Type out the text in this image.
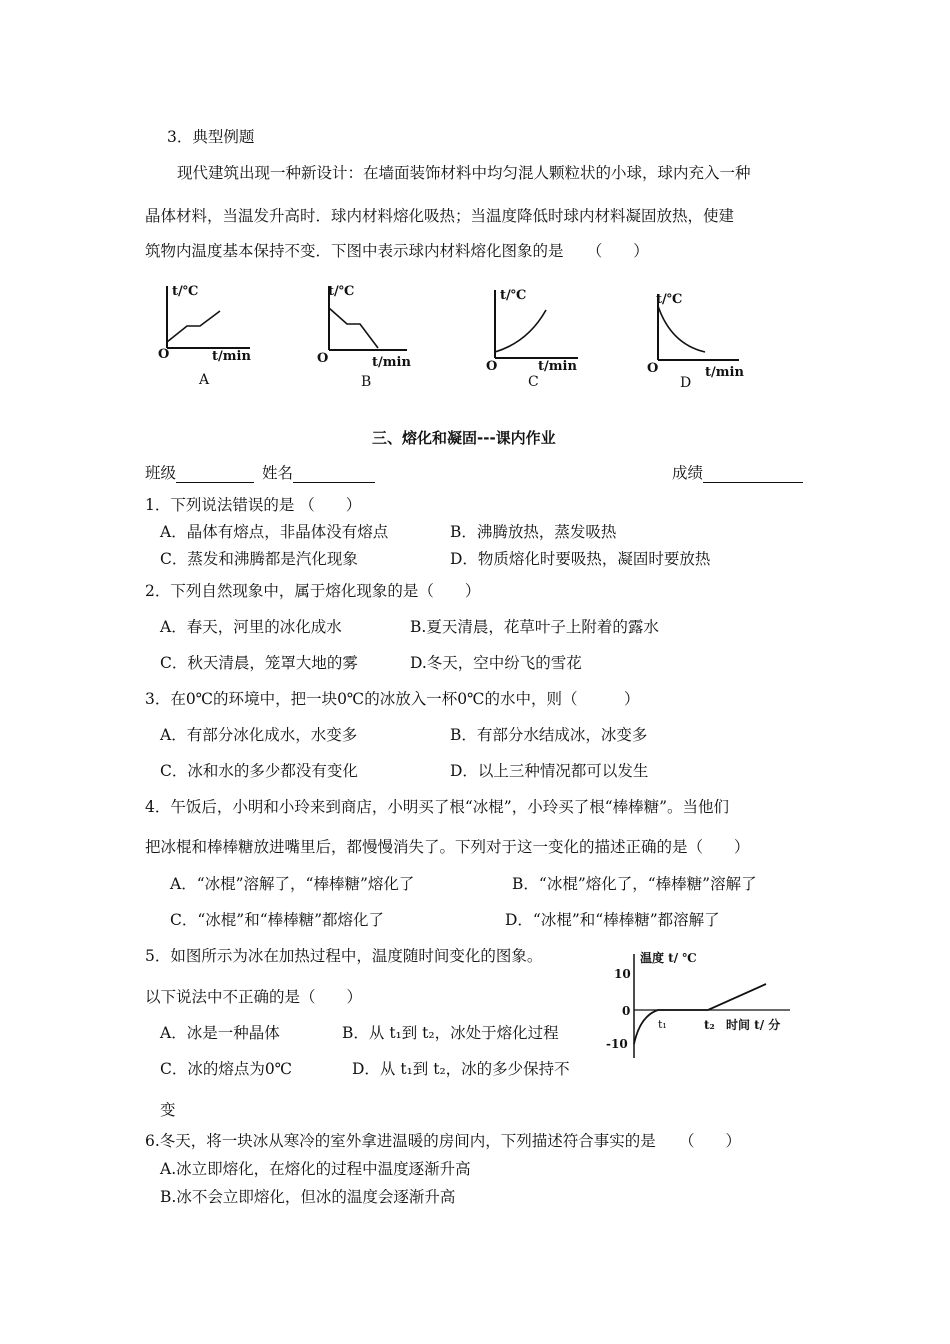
3．典型例题
现代建筑出现一种新设计：在墙面装饰材料中均匀混人颗粒状的小球，球内充入一种
晶体材料，当温发升高时．球内材料熔化吸热；当温度降低时球内材料凝固放热，使建
筑物内温度基本保持不变．下图中表示球内材料熔化图象的是　　（　　）
t/℃
O	t/min
A
t/℃
O	t/min
B
t/℃
O	t/min
C
t/℃
O	t/min
D
三、熔化和凝固---课内作业
班级	姓名	成绩
1．下列说法错误的是 （　　）
A．晶体有熔点，非晶体没有熔点	B．沸腾放热，蒸发吸热
C．蒸发和沸腾都是汽化现象	D．物质熔化时要吸热，凝固时要放热
2．下列自然现象中，属于熔化现象的是（　　）
A．春天，河里的冰化成水	B.夏天清晨，花草叶子上附着的露水
C．秋天清晨，笼罩大地的雾	D.冬天，空中纷飞的雪花
3．在0℃的环境中，把一块0℃的冰放入一杯0℃的水中，则（　　　）
A．有部分冰化成水，水变多	B．有部分水结成冰，冰变多
C．冰和水的多少都没有变化	D．以上三种情况都可以发生
4．午饭后，小明和小玲来到商店，小明买了根“冰棍”，小玲买了根“棒棒糖”。当他们
把冰棍和棒棒糖放进嘴里后，都慢慢消失了。下列对于这一变化的描述正确的是（　　）
A．“冰棍”溶解了，“棒棒糖”熔化了	B．“冰棍”熔化了，“棒棒糖”溶解了
C．“冰棍”和“棒棒糖”都熔化了	D．“冰棍”和“棒棒糖”都溶解了
5．如图所示为冰在加热过程中，温度随时间变化的图象。
以下说法中不正确的是（　　）
A．冰是一种晶体	B．从 t₁到 t₂，冰处于熔化过程
C．冰的熔点为0℃	D．从 t₁到 t₂，冰的多少保持不
变
温度 t/ ℃
10
0
-10
t₁	t₂ 时间 t/ 分
6.冬天，将一块冰从寒冷的室外拿进温暖的房间内，下列描述符合事实的是　　（　　）
A.冰立即熔化，在熔化的过程中温度逐渐升高
B.冰不会立即熔化，但冰的温度会逐渐升高
